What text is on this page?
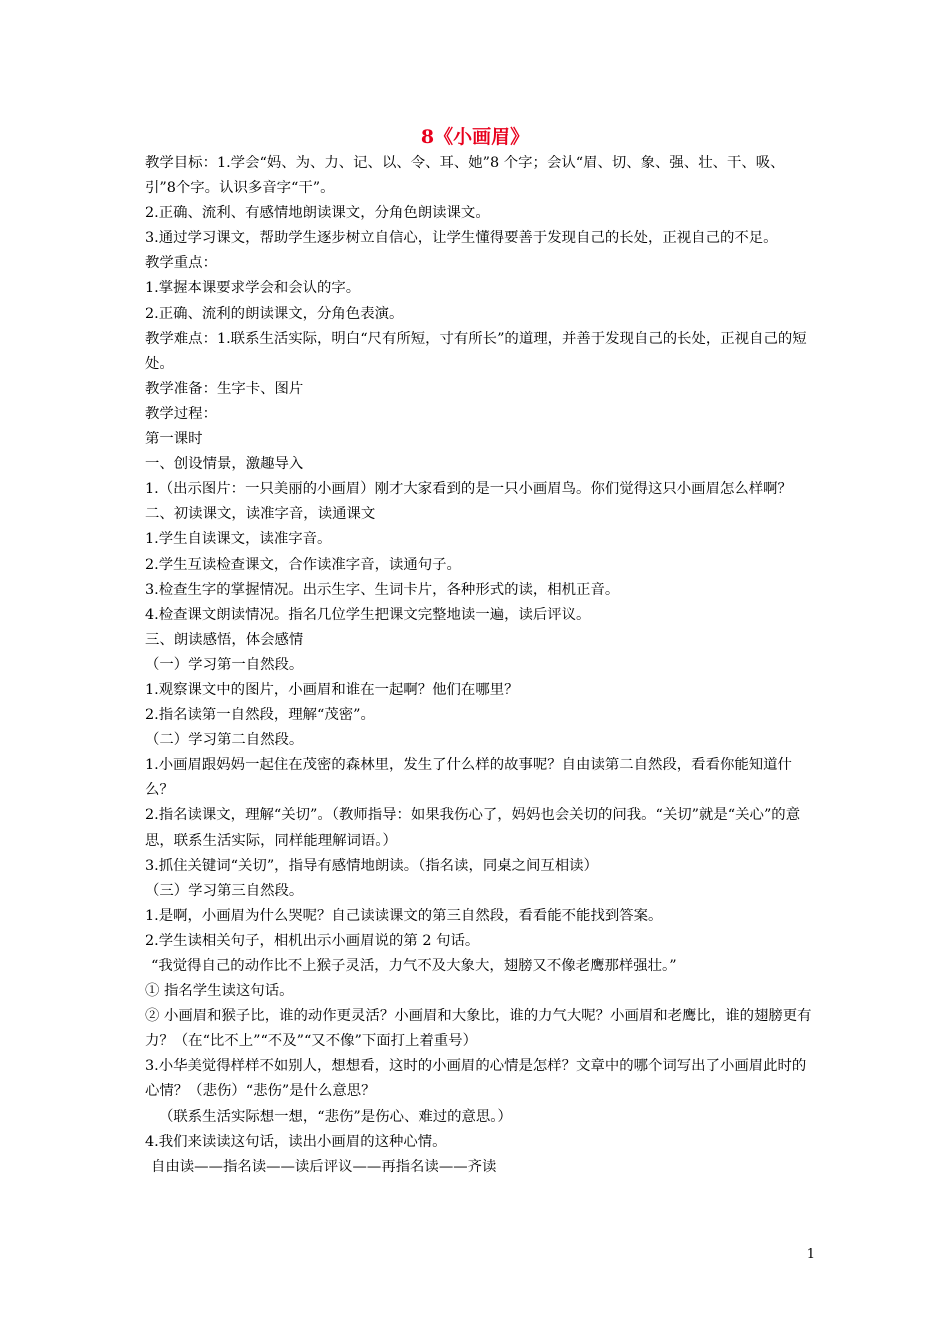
8《小画眉》

教学目标：1.学会“妈、为、力、记、以、令、耳、她”8 个字；会认“眉、切、象、强、壮、干、吸、引”8个字。认识多音字“干”。

2.正确、流利、有感情地朗读课文，分角色朗读课文。

3.通过学习课文，帮助学生逐步树立自信心，让学生懂得要善于发现自己的长处，正视自己的不足。

教学重点：

1.掌握本课要求学会和会认的字。

2.正确、流利的朗读课文，分角色表演。

教学难点：1.联系生活实际，明白“尺有所短，寸有所长”的道理，并善于发现自己的长处，正视自己的短处。

教学准备：生字卡、图片

教学过程：

第一课时

一、创设情景，激趣导入

1.（出示图片：一只美丽的小画眉）刚才大家看到的是一只小画眉鸟。你们觉得这只小画眉怎么样啊？

二、初读课文，读准字音，读通课文

1.学生自读课文，读准字音。

2.学生互读检查课文，合作读准字音，读通句子。

3.检查生字的掌握情况。出示生字、生词卡片，各种形式的读，相机正音。

4.检查课文朗读情况。指名几位学生把课文完整地读一遍，读后评议。

三、朗读感悟，体会感情

（一）学习第一自然段。

1.观察课文中的图片，小画眉和谁在一起啊？他们在哪里？

2.指名读第一自然段，理解“茂密”。

（二）学习第二自然段。

1.小画眉跟妈妈一起住在茂密的森林里，发生了什么样的故事呢？自由读第二自然段，看看你能知道什么？

2.指名读课文，理解“关切”。（教师指导：如果我伤心了，妈妈也会关切的问我。“关切”就是“关心”的意思，联系生活实际，同样能理解词语。）

3.抓住关键词“关切”，指导有感情地朗读。（指名读，同桌之间互相读）

（三）学习第三自然段。

1.是啊，小画眉为什么哭呢？自己读读课文的第三自然段，看看能不能找到答案。

2.学生读相关句子，相机出示小画眉说的第 2 句话。

“我觉得自己的动作比不上猴子灵活，力气不及大象大，翅膀又不像老鹰那样强壮。”

① 指名学生读这句话。

② 小画眉和猴子比，谁的动作更灵活？小画眉和大象比，谁的力气大呢？小画眉和老鹰比，谁的翅膀更有力？（在“比不上”“不及”“又不像”下面打上着重号）

3.小华美觉得样样不如别人，想想看，这时的小画眉的心情是怎样？文章中的哪个词写出了小画眉此时的心情？（悲伤）“悲伤”是什么意思？

（联系生活实际想一想，“悲伤”是伤心、难过的意思。）

4.我们来读读这句话，读出小画眉的这种心情。

自由读——指名读——读后评议——再指名读——齐读

1
